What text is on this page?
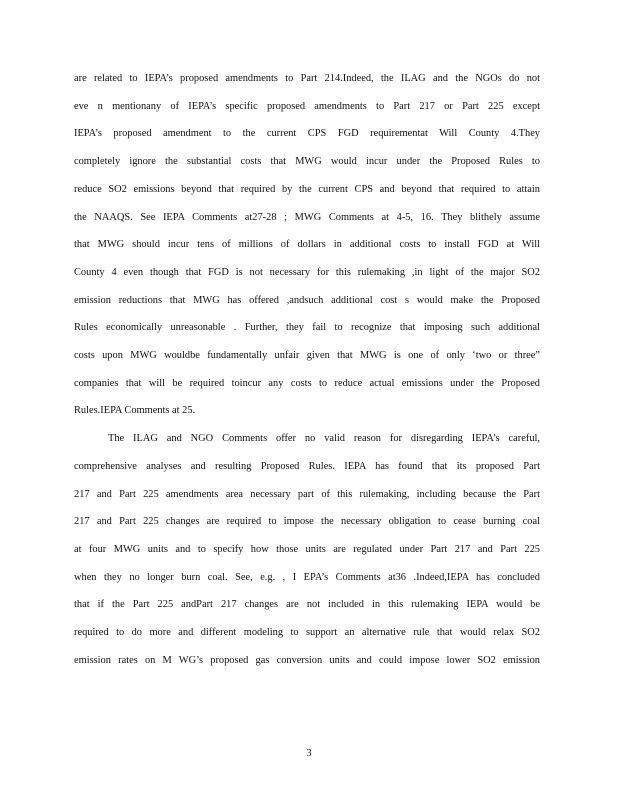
are related to IEPA’s proposed amendments to Part 214.Indeed, the ILAG and the NGOs do not
eve n mentionany of IEPA’s specific proposed amendments to Part 217 or Part 225 except
IEPA’s proposed amendment to the current CPS FGD requirementat Will County 4.They
completely ignore the substantial costs that MWG would incur under the Proposed Rules to
reduce SO2 emissions beyond that required by the current CPS and beyond that required to attain
the NAAQS. See IEPA Comments at27-28 ; MWG Comments at 4-5, 16. They blithely assume
that MWG should incur tens of millions of dollars in additional costs to install FGD at Will
County 4 even though that FGD is not necessary for this rulemaking ,in light of the major SO2
emission reductions that MWG has offered ,andsuch additional cost s would make the Proposed
Rules economically unreasonable . Further, they fail to recognize that imposing such additional
costs upon MWG wouldbe fundamentally unfair given that MWG is one of only ‘two or three”
companies that will be required toincur any costs to reduce actual emissions under the Proposed
Rules.IEPA Comments at 25.
The ILAG and NGO Comments offer no valid reason for disregarding IEPA’s careful,
comprehensive analyses and resulting Proposed Rules. IEPA has found that its proposed Part
217 and Part 225 amendments area necessary part of this rulemaking, including because the Part
217 and Part 225 changes are required to impose the necessary obligation to cease burning coal
at four MWG units and to specify how those units are regulated under Part 217 and Part 225
when they no longer burn coal. See, e.g. , I EPA’s Comments at36 .Indeed,IEPA has concluded
that if the Part 225 andPart 217 changes are not included in this rulemaking IEPA would be
required to do more and different modeling to support an alternative rule that would relax SO2
emission rates on M WG’s proposed gas conversion units and could impose lower SO2 emission
3
